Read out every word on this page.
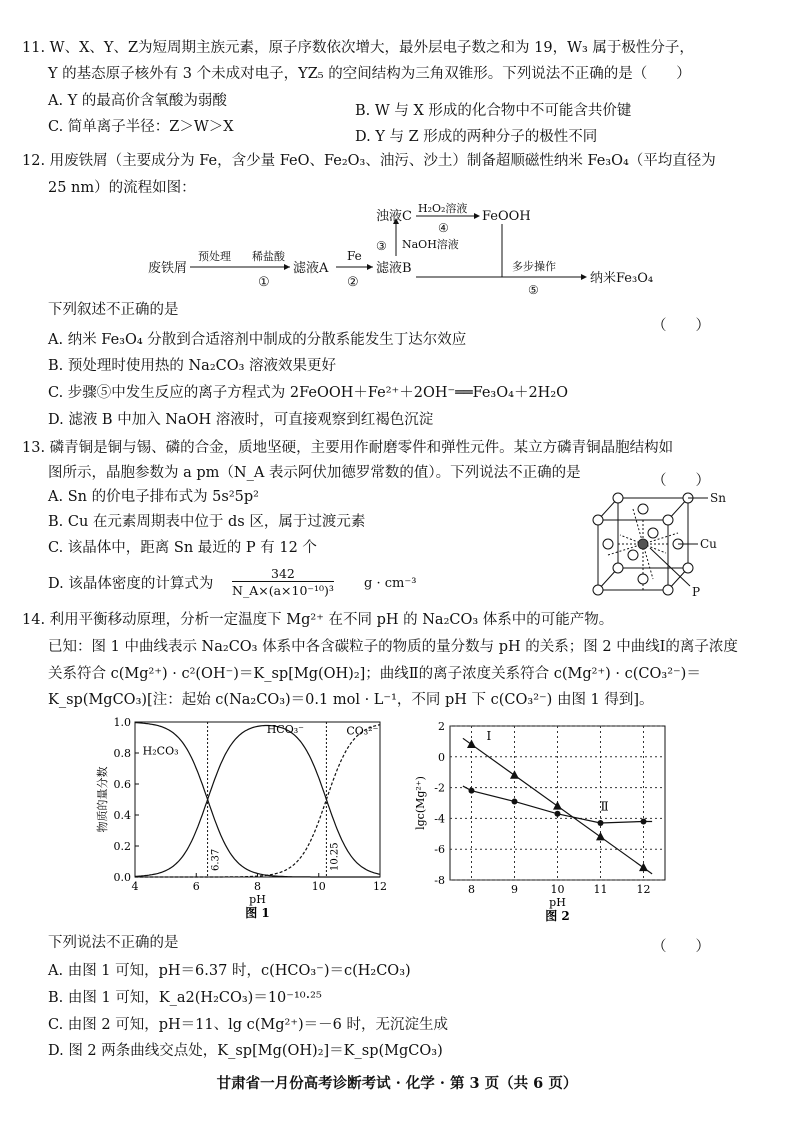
11. W、X、Y、Z为短周期主族元素，原子序数依次增大，最外层电子数之和为 19，W₃ 属于极性分子，
Y 的基态原子核外有 3 个未成对电子，YZ₅ 的空间结构为三角双锥形。下列说法不正确的是（　　）
A. Y 的最高价含氧酸为弱酸
B. W 与 X 形成的化合物中不可能含共价键
C. 简单离子半径：Z＞W＞X
D. Y 与 Z 形成的两种分子的极性不同
12. 用废铁屑（主要成分为 Fe，含少量 FeO、Fe₂O₃、油污、沙土）制备超顺磁性纳米 Fe₃O₄（平均直径为
25 nm）的流程如图：
废铁屑
预处理 稀盐酸
①
滤液A
Fe
②
滤液B
③ NaOH溶液
浊液C
H₂O₂溶液
④
FeOOH
多步操作
⑤
纳米Fe₃O₄
下列叙述不正确的是
（　　）
A. 纳米 Fe₃O₄ 分散到合适溶剂中制成的分散系能发生丁达尔效应
B. 预处理时使用热的 Na₂CO₃ 溶液效果更好
C. 步骤⑤中发生反应的离子方程式为 2FeOOH＋Fe²⁺＋2OH⁻══Fe₃O₄＋2H₂O
D. 滤液 B 中加入 NaOH 溶液时，可直接观察到红褐色沉淀
13. 磷青铜是铜与锡、磷的合金，质地坚硬，主要用作耐磨零件和弹性元件。某立方磷青铜晶胞结构如
图所示，晶胞参数为 a pm（N_A 表示阿伏加德罗常数的值）。下列说法不正确的是	（　　）
A. Sn 的价电子排布式为 5s²5p²
B. Cu 在元素周期表中位于 ds 区，属于过渡元素
C. 该晶体中，距离 Sn 最近的 P 有 12 个
D. 该晶体密度的计算式为 $\frac{342}{\text{N\_A×(a×10⁻¹⁰)³}}$ g · cm⁻³
Sn
Cu
P
14. 利用平衡移动原理，分析一定温度下 Mg²⁺ 在不同 pH 的 Na₂CO₃ 体系中的可能产物。
已知：图 1 中曲线表示 Na₂CO₃ 体系中各含碳粒子的物质的量分数与 pH 的关系；图 2 中曲线Ⅰ的离子浓度
关系符合 c(Mg²⁺) · c²(OH⁻)＝K_sp[Mg(OH)₂]；曲线Ⅱ的离子浓度关系符合 c(Mg²⁺) · c(CO₃²⁻)＝
K_sp(MgCO₃)[注：起始 c(Na₂CO₃)＝0.1 mol · L⁻¹，不同 pH 下 c(CO₃²⁻) 由图 1 得到]。
4	6	8	10	12
0.0
0.2
0.4
0.6
0.8
1.0
pH
图 1
物质的量分数
6.37	10.25
H₂CO₃
HCO₃⁻	CO₃²⁻
8	9	10	11	12
2
0
-2
-4
-6
-8
pH
图 2
lgc(Mg²⁺)
Ⅰ
Ⅱ
下列说法不正确的是	（　　）
A. 由图 1 可知，pH＝6.37 时，c(HCO₃⁻)＝c(H₂CO₃)
B. 由图 1 可知，K_a2(H₂CO₃)＝10⁻¹⁰·²⁵
C. 由图 2 可知，pH＝11、lg c(Mg²⁺)＝－6 时，无沉淀生成
D. 图 2 两条曲线交点处，K_sp[Mg(OH)₂]＝K_sp(MgCO₃)
甘肃省一月份高考诊断考试 · 化学 · 第 3 页（共 6 页）
